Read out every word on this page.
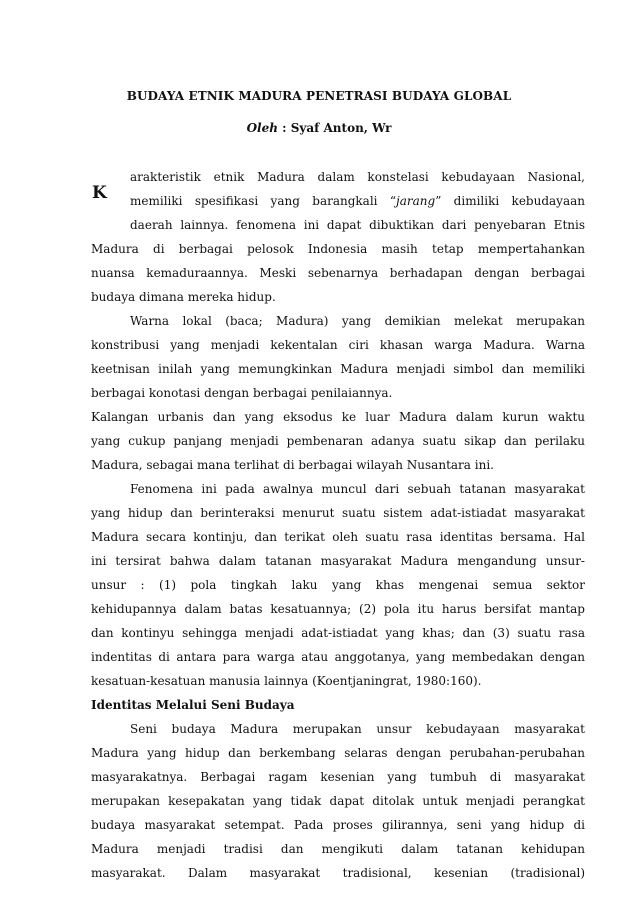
BUDAYA ETNIK MADURA PENETRASI BUDAYA GLOBAL
Oleh : Syaf Anton, Wr
K
arakteristik etnik Madura dalam konstelasi kebudayaan Nasional,
memiliki spesifikasi yang barangkali “jarang” dimiliki kebudayaan
daerah lainnya. fenomena ini dapat dibuktikan dari penyebaran Etnis
Madura di berbagai pelosok Indonesia masih tetap mempertahankan
nuansa kemaduraannya. Meski sebenarnya berhadapan dengan berbagai
budaya dimana mereka hidup.
Warna lokal (baca; Madura) yang demikian melekat merupakan
konstribusi yang menjadi kekentalan ciri khasan warga Madura. Warna
keetnisan inilah yang memungkinkan Madura menjadi simbol dan memiliki
berbagai konotasi dengan berbagai penilaiannya.
Kalangan urbanis dan yang eksodus ke luar Madura dalam kurun waktu
yang cukup panjang menjadi pembenaran adanya suatu sikap dan perilaku
Madura, sebagai mana terlihat di berbagai wilayah Nusantara ini.
Fenomena ini pada awalnya muncul dari sebuah tatanan masyarakat
yang hidup dan berinteraksi menurut suatu sistem adat-istiadat masyarakat
Madura secara kontinju, dan terikat oleh suatu rasa identitas bersama. Hal
ini tersirat bahwa dalam tatanan masyarakat Madura mengandung unsur-
unsur : (1) pola tingkah laku yang khas mengenai semua sektor
kehidupannya dalam batas kesatuannya; (2) pola itu harus bersifat mantap
dan kontinyu sehingga menjadi adat-istiadat yang khas; dan (3) suatu rasa
indentitas di antara para warga atau anggotanya, yang membedakan dengan
kesatuan-kesatuan manusia lainnya (Koentjaningrat, 1980:160).
Identitas Melalui Seni Budaya
Seni budaya Madura merupakan unsur kebudayaan masyarakat
Madura yang hidup dan berkembang selaras dengan perubahan-perubahan
masyarakatnya. Berbagai ragam kesenian yang tumbuh di masyarakat
merupakan kesepakatan yang tidak dapat ditolak untuk menjadi perangkat
budaya masyarakat setempat. Pada proses gilirannya, seni yang hidup di
Madura menjadi tradisi dan mengikuti dalam tatanan kehidupan
masyarakat. Dalam masyarakat tradisional, kesenian (tradisional)
